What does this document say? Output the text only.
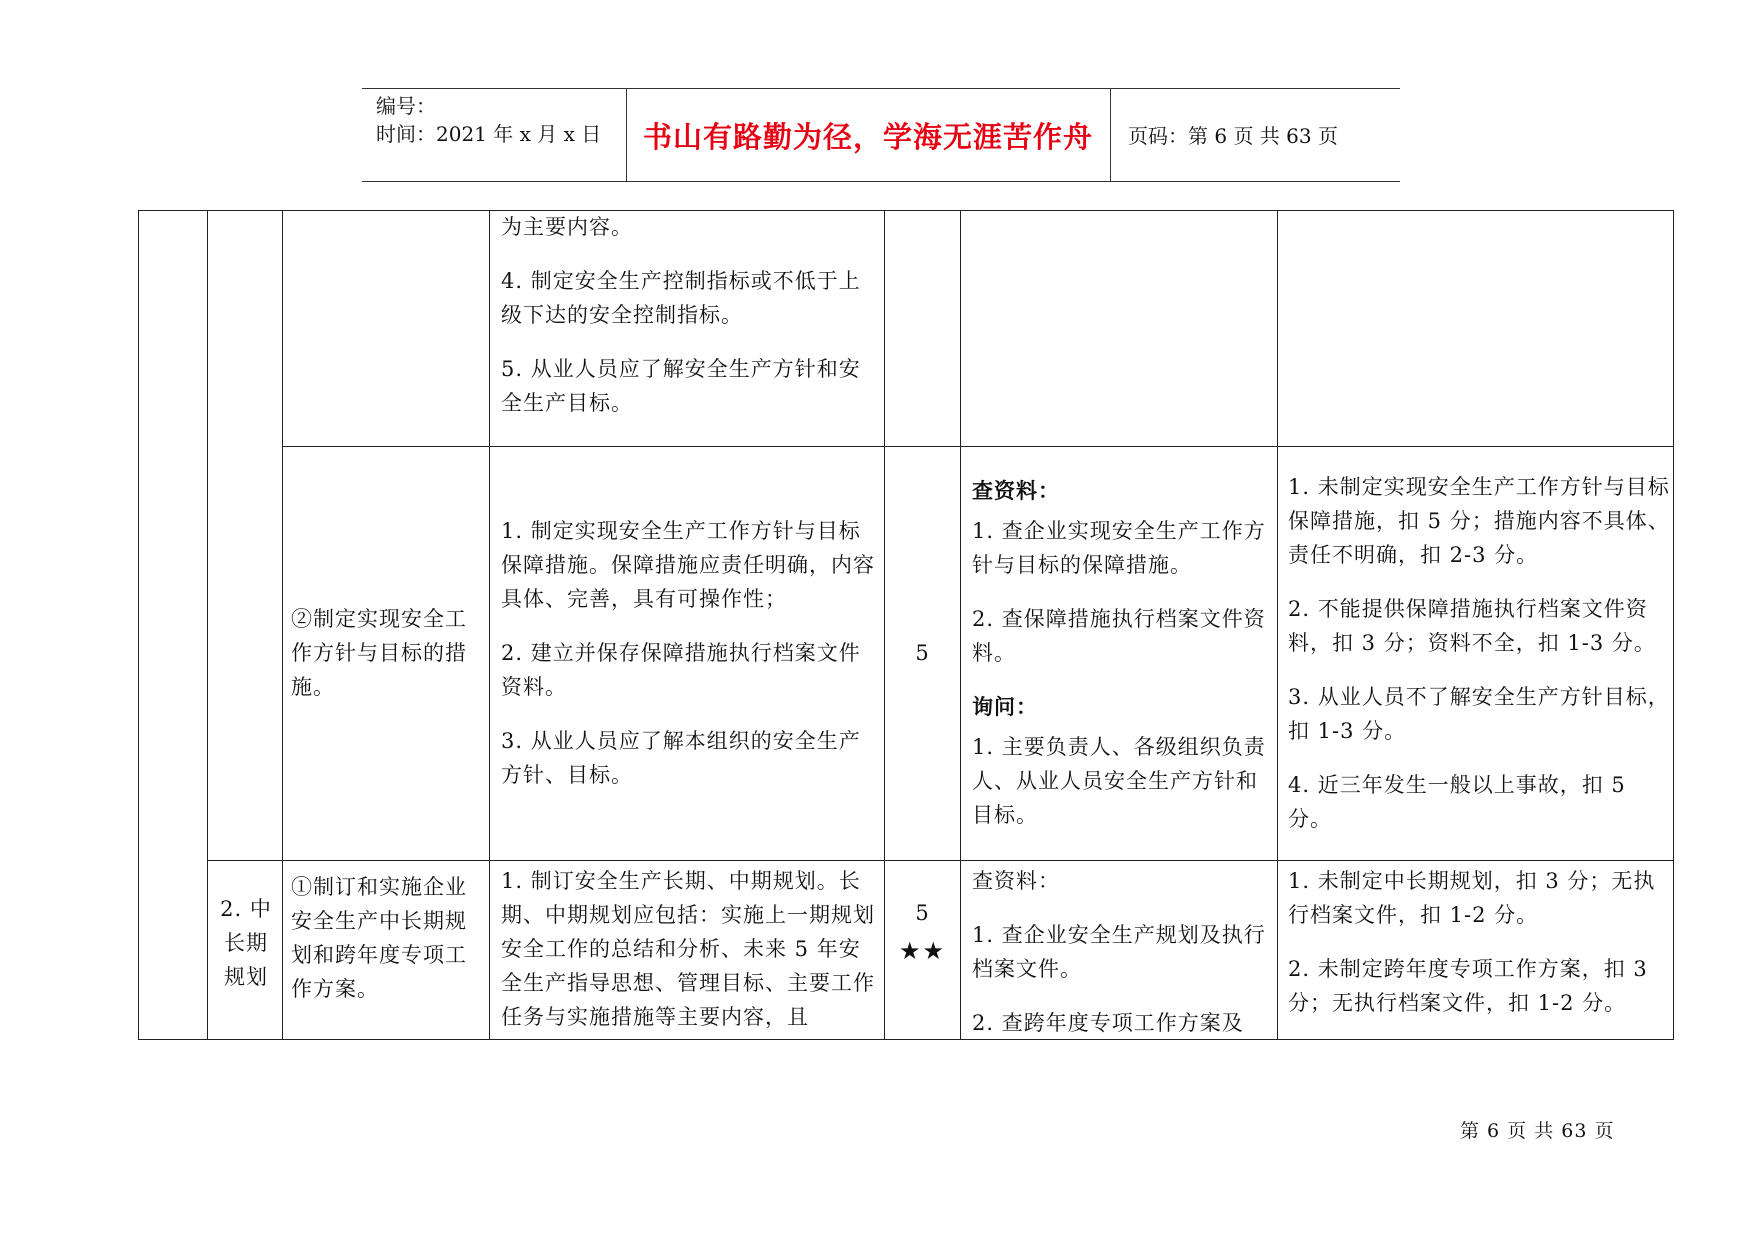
编号：
时间：2021 年 x 月 x 日	书山有路勤为径，学海无涯苦作舟	页码：第 6 页 共 63 页

为主要内容。

4. 制定安全生产控制指标或不低于上级下达的安全控制指标。

5. 从业人员应了解安全生产方针和安全生产目标。

②制定实现安全工作方针与目标的措施。

1. 制定实现安全生产工作方针与目标保障措施。保障措施应责任明确，内容具体、完善，具有可操作性；

2. 建立并保存保障措施执行档案文件资料。

3. 从业人员应了解本组织的安全生产方针、目标。

5

查资料：

1. 查企业实现安全生产工作方针与目标的保障措施。

2. 查保障措施执行档案文件资料。

询问：

1. 主要负责人、各级组织负责人、从业人员安全生产方针和目标。

1. 未制定实现安全生产工作方针与目标保障措施，扣 5 分；措施内容不具体、责任不明确，扣 2-3 分。

2. 不能提供保障措施执行档案文件资料，扣 3 分；资料不全，扣 1-3 分。

3. 从业人员不了解安全生产方针目标，扣 1-3 分。

4. 近三年发生一般以上事故，扣 5 分。

2. 中长期规划
①制订和实施企业安全生产中长期规划和跨年度专项工作方案。

1. 制订安全生产长期、中期规划。长期、中期规划应包括：实施上一期规划安全工作的总结和分析、未来 5 年安全生产指导思想、管理目标、主要工作任务与实施措施等主要内容，且

5
★★

查资料：

1. 查企业安全生产规划及执行档案文件。

2. 查跨年度专项工作方案及

1. 未制定中长期规划，扣 3 分；无执行档案文件，扣 1-2 分。

2. 未制定跨年度专项工作方案，扣 3 分；无执行档案文件，扣 1-2 分。

第 6 页 共 63 页
